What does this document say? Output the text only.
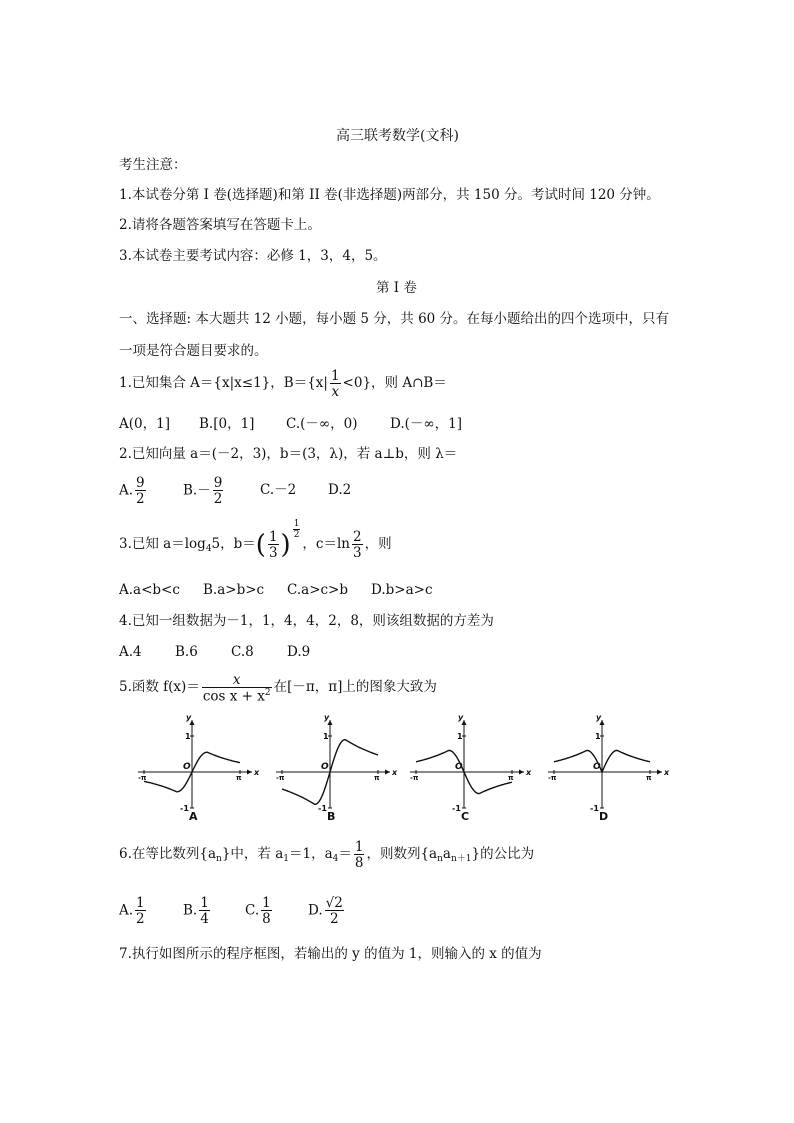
高三联考数学(文科)
考生注意：
1.本试卷分第 I 卷(选择题)和第 II 卷(非选择题)两部分，共 150 分。考试时间 120 分钟。
2.请将各题答案填写在答题卡上。
3.本试卷主要考试内容：必修 1，3，4，5。
第 I 卷
一、选择题: 本大题共 12 小题，每小题 5 分，共 60 分。在每小题给出的四个选项中，只有
一项是符合题目要求的。
1.已知集合 A＝{x|x≤1}，$B=\{x| \frac{1}{x} <0\}$，则 A∩B＝
A(0，1] B.[0，1] C.(－∞，0) D.(－∞，1]
2.已知向量 a＝(－2，3)，b＝(3，λ)，若 a⊥b，则 λ＝
A. $\frac{9}{2}$	$B.- \frac{9}{2}$	C.－2	D.2
3.已知 $a=\log_4$ 5，b＝ ( $\frac{1}{3}$ ) $\frac{1}{2}$
，$c=\ln \frac{2}{3}$ ，则
A.a<b<c B.a>b>c C.a>c>b D.b>a>c
4.已知一组数据为－1，1，4，4，2，8，则该组数据的方差为
A.4 B.6 C.8 D.9
5.函数 $f(x)= \frac{x}{\cos x + x^2}$ 在[－π，π]上的图象大致为
y
x
1
-1
O
-π	π
A
y
x
1
-1
O
-π	π
B
y
x
1
-1
O
-π	π
C
y
x
1
-1
O
-π	π
D
6.在等比数列{$a_n$ }中，若 $a_1 =1$，$a_4 = \frac{1}{8}$ ，则数列{$a_n$ $a_{n+1}$ }的公比为
A. $\frac{1}{2}$	B. $\frac{1}{4}$	C. $\frac{1}{8}$	D. $\frac{√2}{2}$
7.执行如图所示的程序框图，若输出的 y 的值为 1，则输入的 x 的值为
